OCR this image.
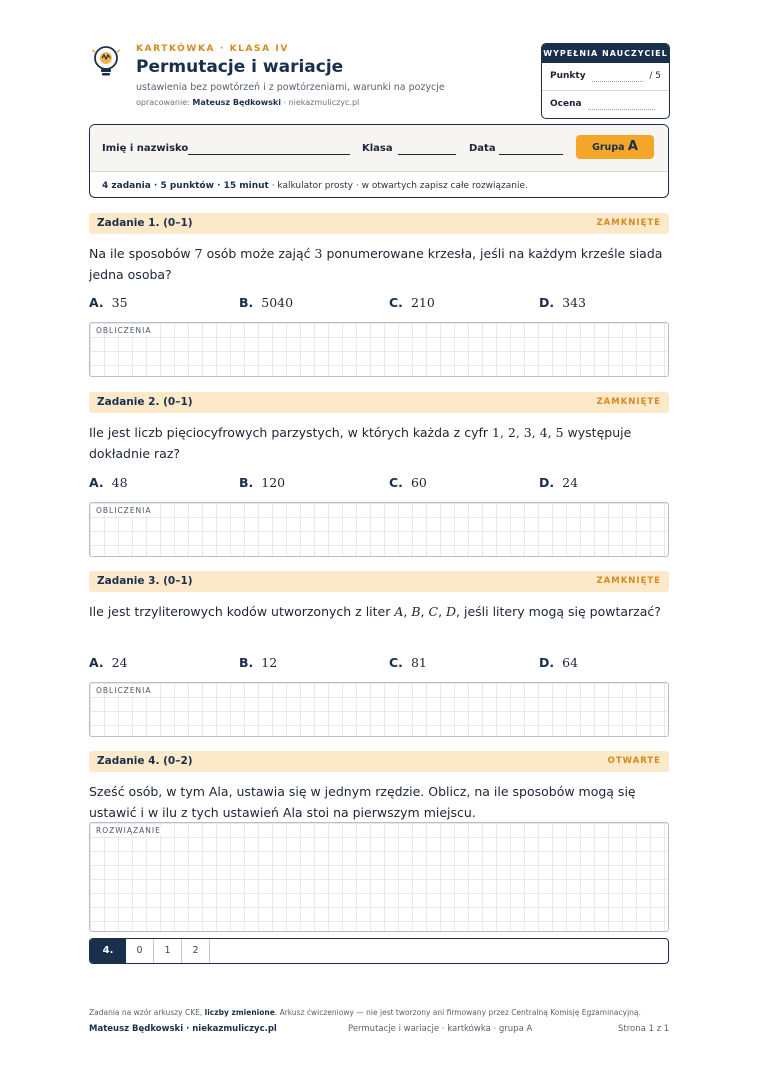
KARTKÓWKA · KLASA IV
Permutacje i wariacje
ustawienia bez powtórzeń i z powtórzeniami, warunki na pozycje
opracowanie: Mateusz Będkowski · niekazmuliczyc.pl
WYPEŁNIA NAUCZYCIEL
Punkty	/ 5
Ocena
Imię i nazwisko	Klasa	Data	Grupa A
4 zadania · 5 punktów · 15 minut · kalkulator prosty · w otwartych zapisz całe rozwiązanie.
Zadanie 1. (0–1)	ZAMKNIĘTE
Na ile sposobów 7 osób może zająć 3 ponumerowane krzesła, jeśli na każdym krześle siada jedna osoba?
A. 35	B. 5040	C. 210	D. 343
OBLICZENIA
Zadanie 2. (0–1)	ZAMKNIĘTE
Ile jest liczb pięciocyfrowych parzystych, w których każda z cyfr 1, 2, 3, 4, 5 występuje dokładnie raz?
A. 48	B. 120	C. 60	D. 24
OBLICZENIA
Zadanie 3. (0–1)	ZAMKNIĘTE
Ile jest trzyliterowych kodów utworzonych z liter A, B, C, D, jeśli litery mogą się powtarzać?
A. 24	B. 12	C. 81	D. 64
OBLICZENIA
Zadanie 4. (0–2)	OTWARTE
Sześć osób, w tym Ala, ustawia się w jednym rzędzie. Oblicz, na ile sposobów mogą się ustawić i w ilu z tych ustawień Ala stoi na pierwszym miejscu.
ROZWIĄZANIE
4.	0	1	2
Zadania na wzór arkuszy CKE, liczby zmienione. Arkusz ćwiczeniowy — nie jest tworzony ani firmowany przez Centralną Komisję Egzaminacyjną.
Mateusz Będkowski · niekazmuliczyc.pl	Permutacje i wariacje · kartkówka · grupa A	Strona 1 z 1
